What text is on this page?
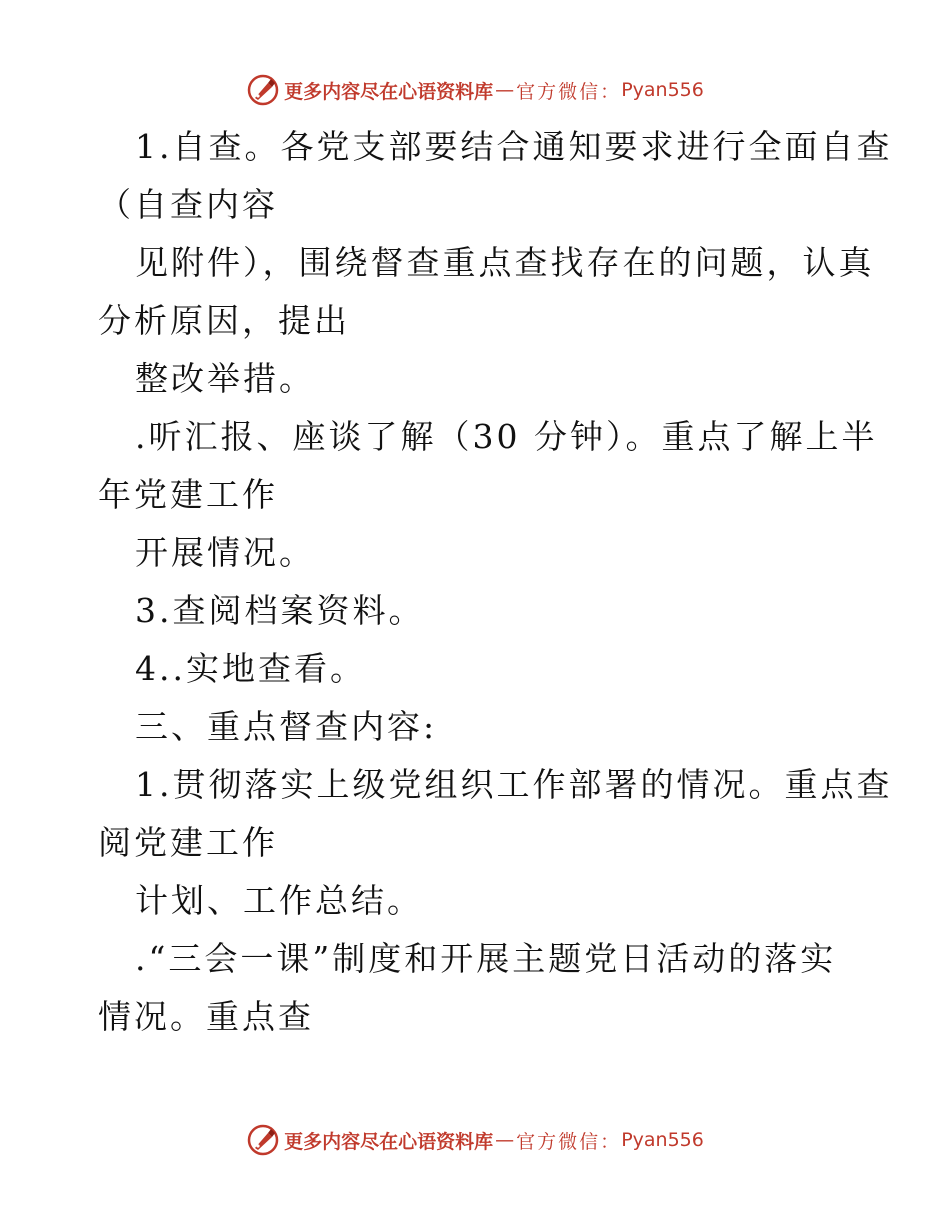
更多内容尽在心语资料库 — 官方微信： Pyan556
1.自查。各党支部要结合通知要求进行全面自查
（自查内容
见附件），围绕督查重点查找存在的问题，认真
分析原因，提出
整改举措。
.听汇报、座谈了解（30 分钟）。重点了解上半
年党建工作
开展情况。
3.查阅档案资料。
4..实地查看。
三、重点督查内容:
1.贯彻落实上级党组织工作部署的情况。重点查
阅党建工作
计划、工作总结。
.“三会一课”制度和开展主题党日活动的落实
情况。重点查
更多内容尽在心语资料库 — 官方微信： Pyan556
